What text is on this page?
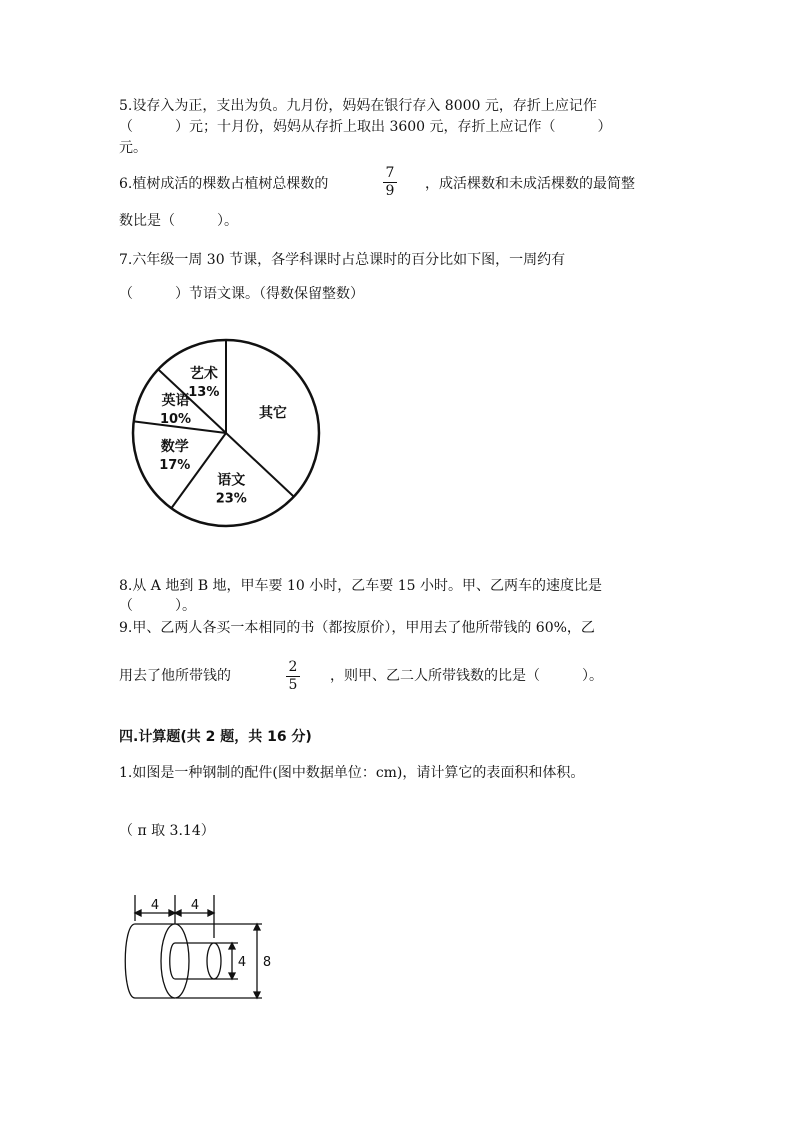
5.设存入为正，支出为负。九月份，妈妈在银行存入 8000 元，存折上应记作
（　　　）元；十月份，妈妈从存折上取出 3600 元，存折上应记作（　　　）
元。
6.植树成活的棵数占植树总棵数的
7
9 ，成活棵数和未成活棵数的最简整
数比是（　　　）。
7.六年级一周 30 节课，各学科课时占总课时的百分比如下图，一周约有
（　　　）节语文课。（得数保留整数）
艺术
13%
英语
10%
数学
17%
语文
23%
其它
8.从 A 地到 B 地，甲车要 10 小时，乙车要 15 小时。甲、乙两车的速度比是
（　　　）。
9.甲、乙两人各买一本相同的书（都按原价），甲用去了他所带钱的 60%，乙
用去了他所带钱的
2
5
，则甲、乙二人所带钱数的比是（　　　）。
四.计算题(共 2 题，共 16 分)
1.如图是一种钢制的配件(图中数据单位：cm)，请计算它的表面积和体积。
（ π 取 3.14）
4 4
4 8
